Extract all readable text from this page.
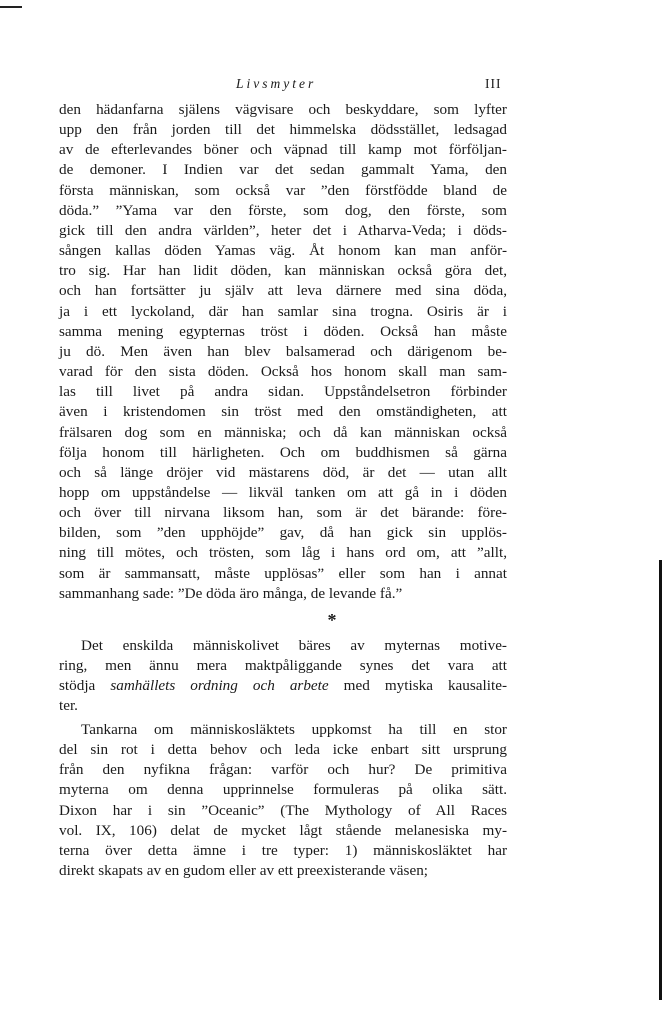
Livsmyter	III
den hädanfarna själens vägvisare och beskyddare, som lyfter
upp den från jorden till det himmelska dödsstället, ledsagad
av de efterlevandes böner och väpnad till kamp mot förföljan-
de demoner. I Indien var det sedan gammalt Yama, den
första människan, som också var ”den förstfödde bland de
döda.” ”Yama var den förste, som dog, den förste, som
gick till den andra världen”, heter det i Atharva-Veda; i döds-
sången kallas döden Yamas väg. Åt honom kan man anför-
tro sig. Har han lidit döden, kan människan också göra det,
och han fortsätter ju själv att leva därnere med sina döda,
ja i ett lyckoland, där han samlar sina trogna. Osiris är i
samma mening egypternas tröst i döden. Också han måste
ju dö. Men även han blev balsamerad och därigenom be-
varad för den sista döden. Också hos honom skall man sam-
las till livet på andra sidan. Uppståndelsetron förbinder
även i kristendomen sin tröst med den omständigheten, att
frälsaren dog som en människa; och då kan människan också
följa honom till härligheten. Och om buddhismen så gärna
och så länge dröjer vid mästarens död, är det — utan allt
hopp om uppståndelse — likväl tanken om att gå in i döden
och över till nirvana liksom han, som är det bärande: före-
bilden, som ”den upphöjde” gav, då han gick sin upplös-
ning till mötes, och trösten, som låg i hans ord om, att ”allt,
som är sammansatt, måste upplösas” eller som han i annat
sammanhang sade: ”De döda äro många, de levande få.”
*
Det enskilda människolivet bäres av myternas motive-
ring, men ännu mera maktpåliggande synes det vara att
stödja samhällets ordning och arbete med mytiska kausalite-
ter.
Tankarna om människosläktets uppkomst ha till en stor
del sin rot i detta behov och leda icke enbart sitt ursprung
från den nyfikna frågan: varför och hur? De primitiva
myterna om denna upprinnelse formuleras på olika sätt.
Dixon har i sin ”Oceanic” (The Mythology of All Races
vol. IX, 106) delat de mycket lågt stående melanesiska my-
terna över detta ämne i tre typer: 1) människosläktet har
direkt skapats av en gudom eller av ett preexisterande väsen;
